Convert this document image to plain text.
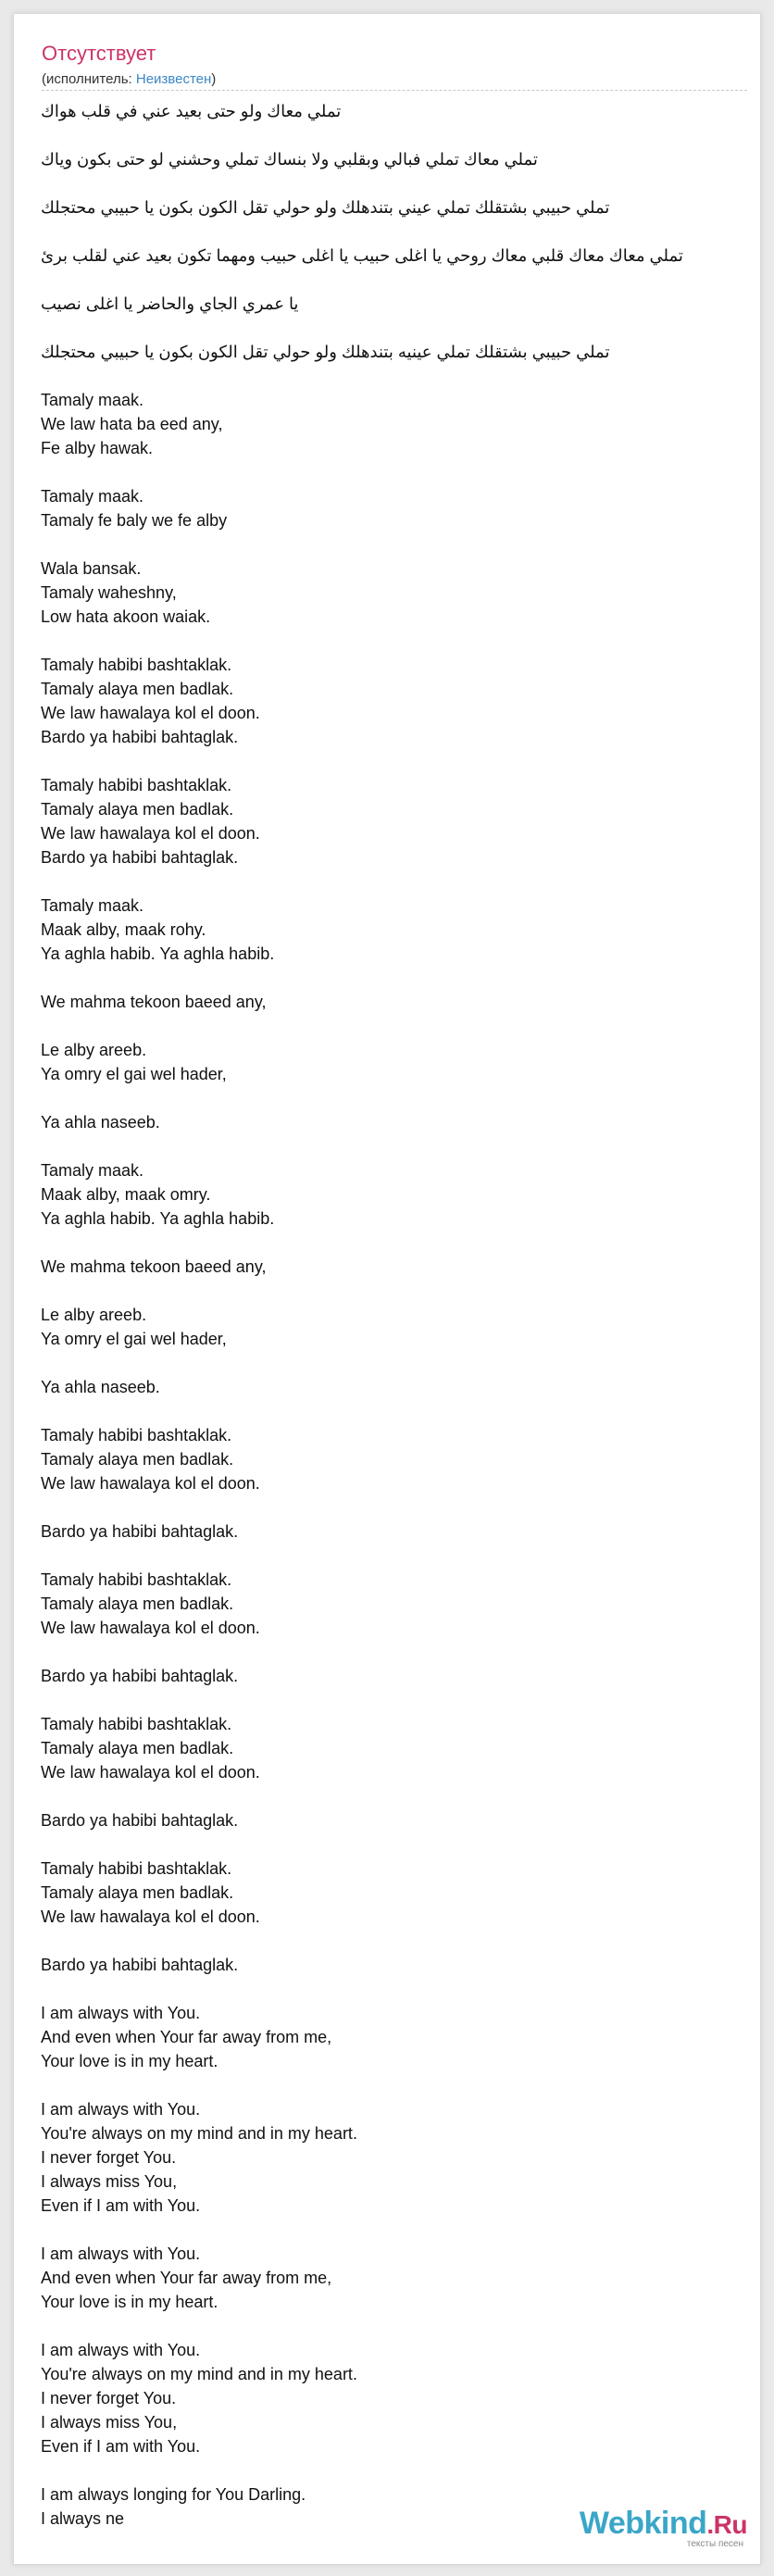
Отсутствует
(исполнитель: Неизвестен)
تملي معاك ولو حتى بعيد عني في قلب هواك
تملي معاك تملي فبالي وبقلبي ولا بنساك تملي وحشني لو حتى بكون وياك
تملي حبيبي بشتقلك تملي عيني بتندهلك ولو حولي تقل الكون بكون يا حبيبي محتجلك
تملي معاك معاك قلبي معاك روحي يا اغلى حبيب يا اغلى حبيب ومهما تكون بعيد عني لقلب برئ
يا عمري الجاي والحاضر يا اغلى نصيب
تملي حبيبي بشتقلك تملي عينيه بتندهلك ولو حولي تقل الكون بكون يا حبيبي محتجلك
Tamaly maak.
We law hata ba eed any,
Fe alby hawak.
Tamaly maak.
Tamaly fe baly we fe alby
Wala bansak.
Tamaly waheshny,
Low hata akoon waiak.
Tamaly habibi bashtaklak.
Tamaly alaya men badlak.
We law hawalaya kol el doon.
Bardo ya habibi bahtaglak.
Tamaly habibi bashtaklak.
Tamaly alaya men badlak.
We law hawalaya kol el doon.
Bardo ya habibi bahtaglak.
Tamaly maak.
Maak alby, maak rohy.
Ya aghla habib. Ya aghla habib.
We mahma tekoon baeed any,
Le alby areeb.
Ya omry el gai wel hader,
Ya ahla naseeb.
Tamaly maak.
Maak alby, maak omry.
Ya aghla habib. Ya aghla habib.
We mahma tekoon baeed any,
Le alby areeb.
Ya omry el gai wel hader,
Ya ahla naseeb.
Tamaly habibi bashtaklak.
Tamaly alaya men badlak.
We law hawalaya kol el doon.
Bardo ya habibi bahtaglak.
Tamaly habibi bashtaklak.
Tamaly alaya men badlak.
We law hawalaya kol el doon.
Bardo ya habibi bahtaglak.
Tamaly habibi bashtaklak.
Tamaly alaya men badlak.
We law hawalaya kol el doon.
Bardo ya habibi bahtaglak.
Tamaly habibi bashtaklak.
Tamaly alaya men badlak.
We law hawalaya kol el doon.
Bardo ya habibi bahtaglak.
I am always with You.
And even when Your far away from me,
Your love is in my heart.
I am always with You.
You're always on my mind and in my heart.
I never forget You.
I always miss You,
Even if I am with You.
I am always with You.
And even when Your far away from me,
Your love is in my heart.
I am always with You.
You're always on my mind and in my heart.
I never forget You.
I always miss You,
Even if I am with You.
I am always longing for You Darling.
I always ne	Webkind.Ru
тексты песен
